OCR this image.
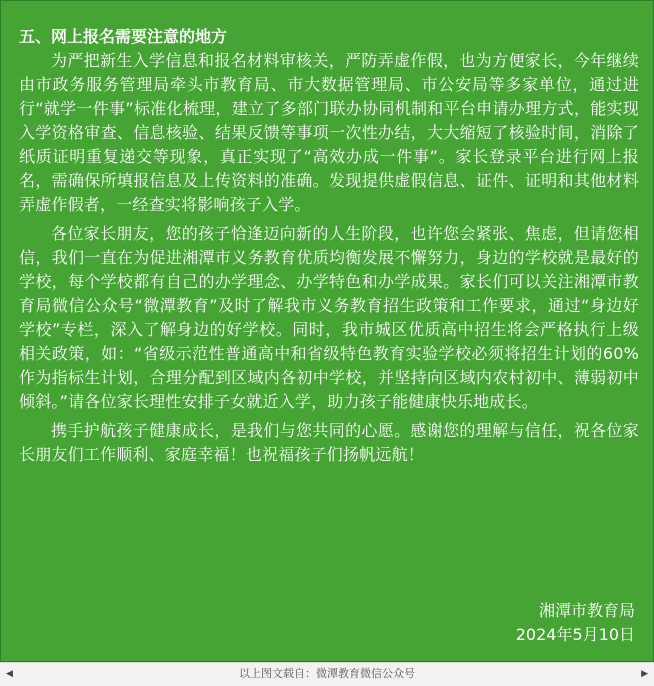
五、网上报名需要注意的地方

为严把新生入学信息和报名材料审核关，严防弄虚作假，也为方便家长，今年继续由市政务服务管理局牵头市教育局、市大数据管理局、市公安局等多家单位，通过进行“就学一件事”标准化梳理，建立了多部门联办协同机制和平台申请办理方式，能实现入学资格审查、信息核验、结果反馈等事项一次性办结，大大缩短了核验时间，消除了纸质证明重复递交等现象，真正实现了“高效办成一件事”。家长登录平台进行网上报名，需确保所填报信息及上传资料的准确。发现提供虚假信息、证件、证明和其他材料弄虚作假者，一经查实将影响孩子入学。

各位家长朋友，您的孩子恰逢迈向新的人生阶段，也许您会紧张、焦虑，但请您相信，我们一直在为促进湘潭市义务教育优质均衡发展不懈努力，身边的学校就是最好的学校，每个学校都有自己的办学理念、办学特色和办学成果。家长们可以关注湘潭市教育局微信公众号“微潭教育”及时了解我市义务教育招生政策和工作要求，通过“身边好学校”专栏，深入了解身边的好学校。同时，我市城区优质高中招生将会严格执行上级相关政策，如：“省级示范性普通高中和省级特色教育实验学校必须将招生计划的60%作为指标生计划，合理分配到区域内各初中学校，并坚持向区域内农村初中、薄弱初中倾斜。”请各位家长理性安排子女就近入学，助力孩子能健康快乐地成长。

携手护航孩子健康成长，是我们与您共同的心愿。感谢您的理解与信任，祝各位家长朋友们工作顺利、家庭幸福！也祝福孩子们扬帆远航！

湘潭市教育局
2024年5月10日
◀	以上图文载自：微潭教育微信公众号	▶
